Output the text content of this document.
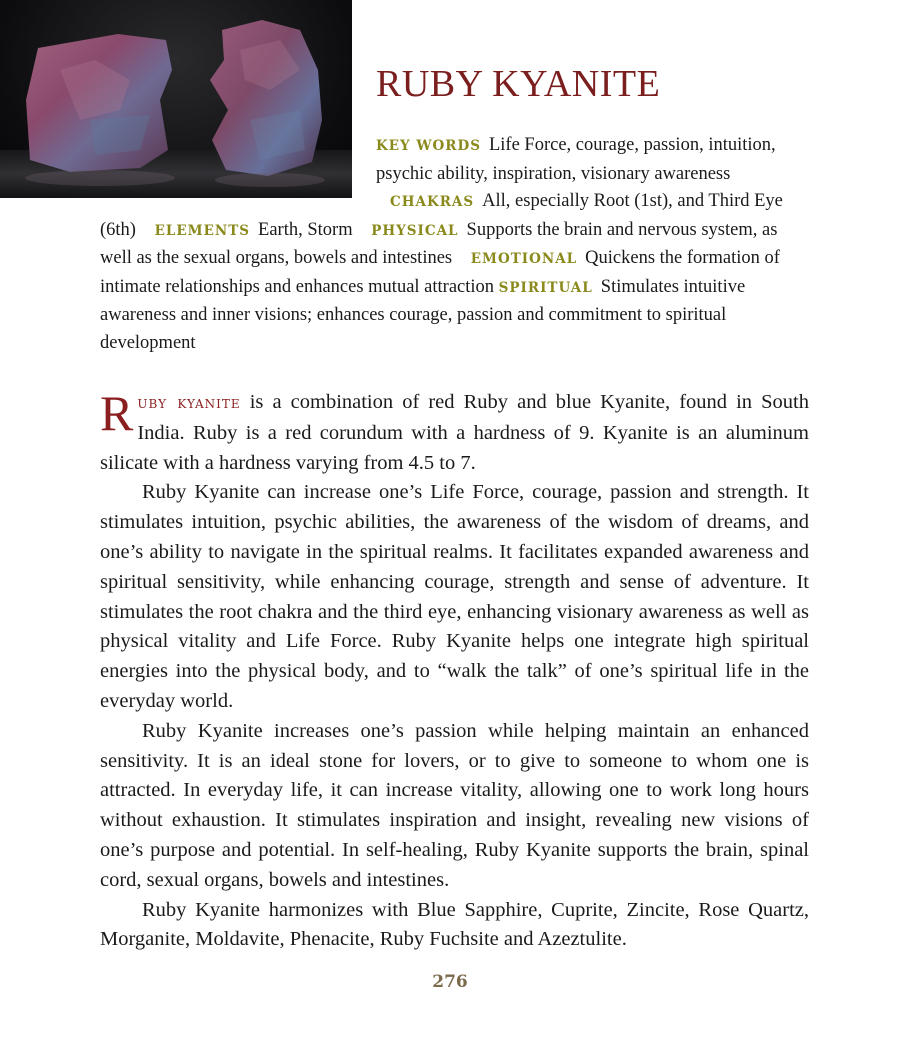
RUBY KYANITE
KEY WORDS Life Force, courage, passion, intuition, psychic ability, inspiration, visionary awareness CHAKRAS All, especially Root (1st), and Third Eye (6th) ELEMENTS Earth, Storm PHYSICAL Supports the brain and nervous system, as well as the sexual organs, bowels and intestines EMOTIONAL Quickens the formation of intimate relationships and enhances mutual attraction SPIRITUAL Stimulates intuitive awareness and inner visions; enhances courage, passion and commitment to spiritual development

Ruby kyanite is a combination of red Ruby and blue Kyanite, found in South India. Ruby is a red corundum with a hardness of 9. Kyanite is an aluminum silicate with a hardness varying from 4.5 to 7.

Ruby Kyanite can increase one’s Life Force, courage, passion and strength. It stimulates intuition, psychic abilities, the awareness of the wisdom of dreams, and one’s ability to navigate in the spiritual realms. It facilitates expanded awareness and spiritual sensitivity, while enhancing courage, strength and sense of adventure. It stimulates the root chakra and the third eye, enhancing visionary awareness as well as physical vitality and Life Force. Ruby Kyanite helps one integrate high spiritual energies into the physical body, and to “walk the talk” of one’s spiritual life in the everyday world.

Ruby Kyanite increases one’s passion while helping maintain an enhanced sensitivity. It is an ideal stone for lovers, or to give to someone to whom one is attracted. In everyday life, it can increase vitality, allowing one to work long hours without exhaustion. It stimulates inspiration and insight, revealing new visions of one’s purpose and potential. In self-healing, Ruby Kyanite supports the brain, spinal cord, sexual organs, bowels and intestines.

Ruby Kyanite harmonizes with Blue Sapphire, Cuprite, Zincite, Rose Quartz, Morganite, Moldavite, Phenacite, Ruby Fuchsite and Azeztulite.

276
